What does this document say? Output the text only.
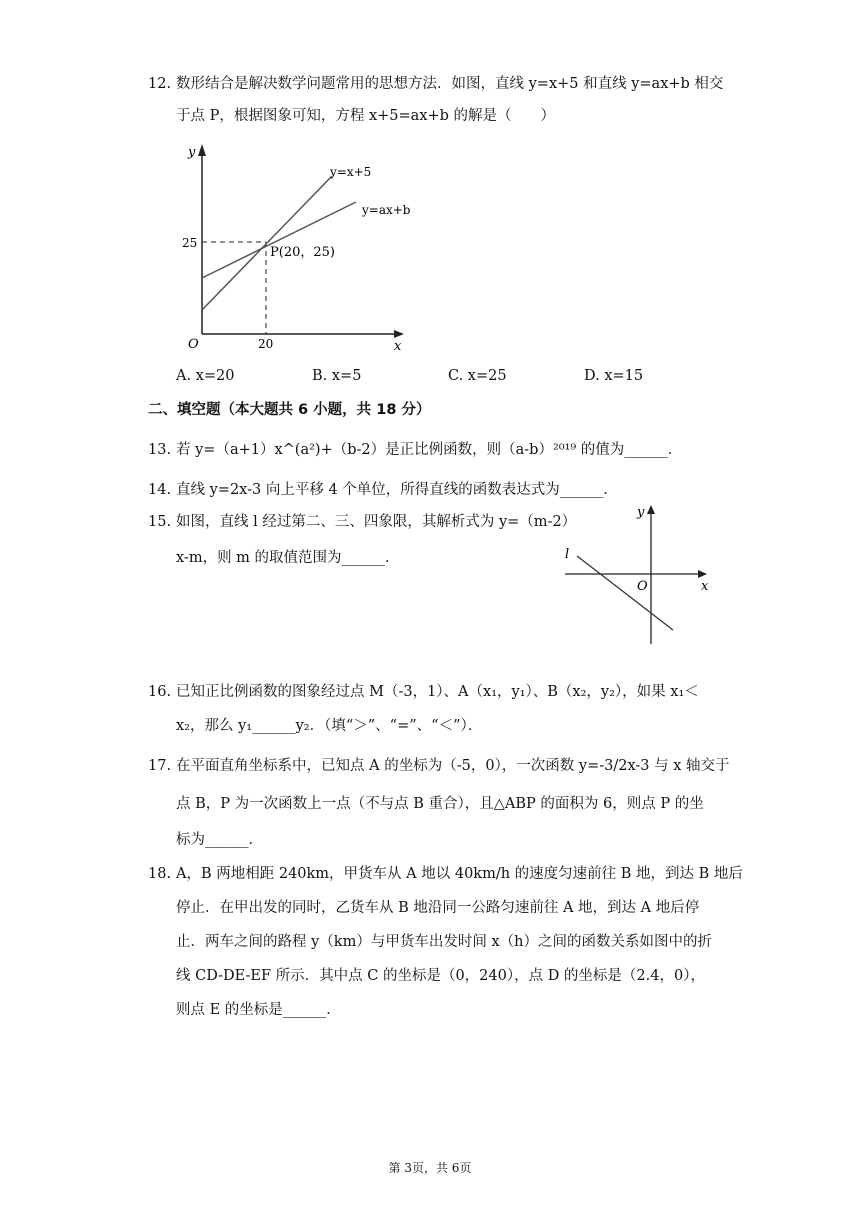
12. 数形结合是解决数学问题常用的思想方法．如图，直线 y=x+5 和直线 y=ax+b 相交
于点 P，根据图象可知，方程 x+5=ax+b 的解是（　　）
y
x
O
25
20
y=x+5
y=ax+b
P(20，25)
A. x=20	B. x=5	C. x=25	D. x=15
二、填空题（本大题共 6 小题，共 18 分）
13. 若 y=（a+1）x^(a²)+（b-2）是正比例函数，则（a-b）²⁰¹⁹ 的值为______．
14. 直线 y=2x-3 向上平移 4 个单位，所得直线的函数表达式为______．
15. 如图，直线 l 经过第二、三、四象限，其解析式为 y=（m-2）
x-m，则 m 的取值范围为______．
y
x
O
l
16. 已知正比例函数的图象经过点 M（-3，1）、A（x₁，y₁）、B（x₂，y₂），如果 x₁＜
x₂，那么 y₁______y₂．（填“＞”、“=”、“＜”）．
17. 在平面直角坐标系中，已知点 A 的坐标为（-5，0），一次函数 y=-3/2x-3 与 x 轴交于
点 B，P 为一次函数上一点（不与点 B 重合），且△ABP 的面积为 6，则点 P 的坐
标为______．
18. A，B 两地相距 240km，甲货车从 A 地以 40km/h 的速度匀速前往 B 地，到达 B 地后
停止．在甲出发的同时，乙货车从 B 地沿同一公路匀速前往 A 地，到达 A 地后停
止．两车之间的路程 y（km）与甲货车出发时间 x（h）之间的函数关系如图中的折
线 CD-DE-EF 所示．其中点 C 的坐标是（0，240），点 D 的坐标是（2.4，0），
则点 E 的坐标是______．
第 3页，共 6页
